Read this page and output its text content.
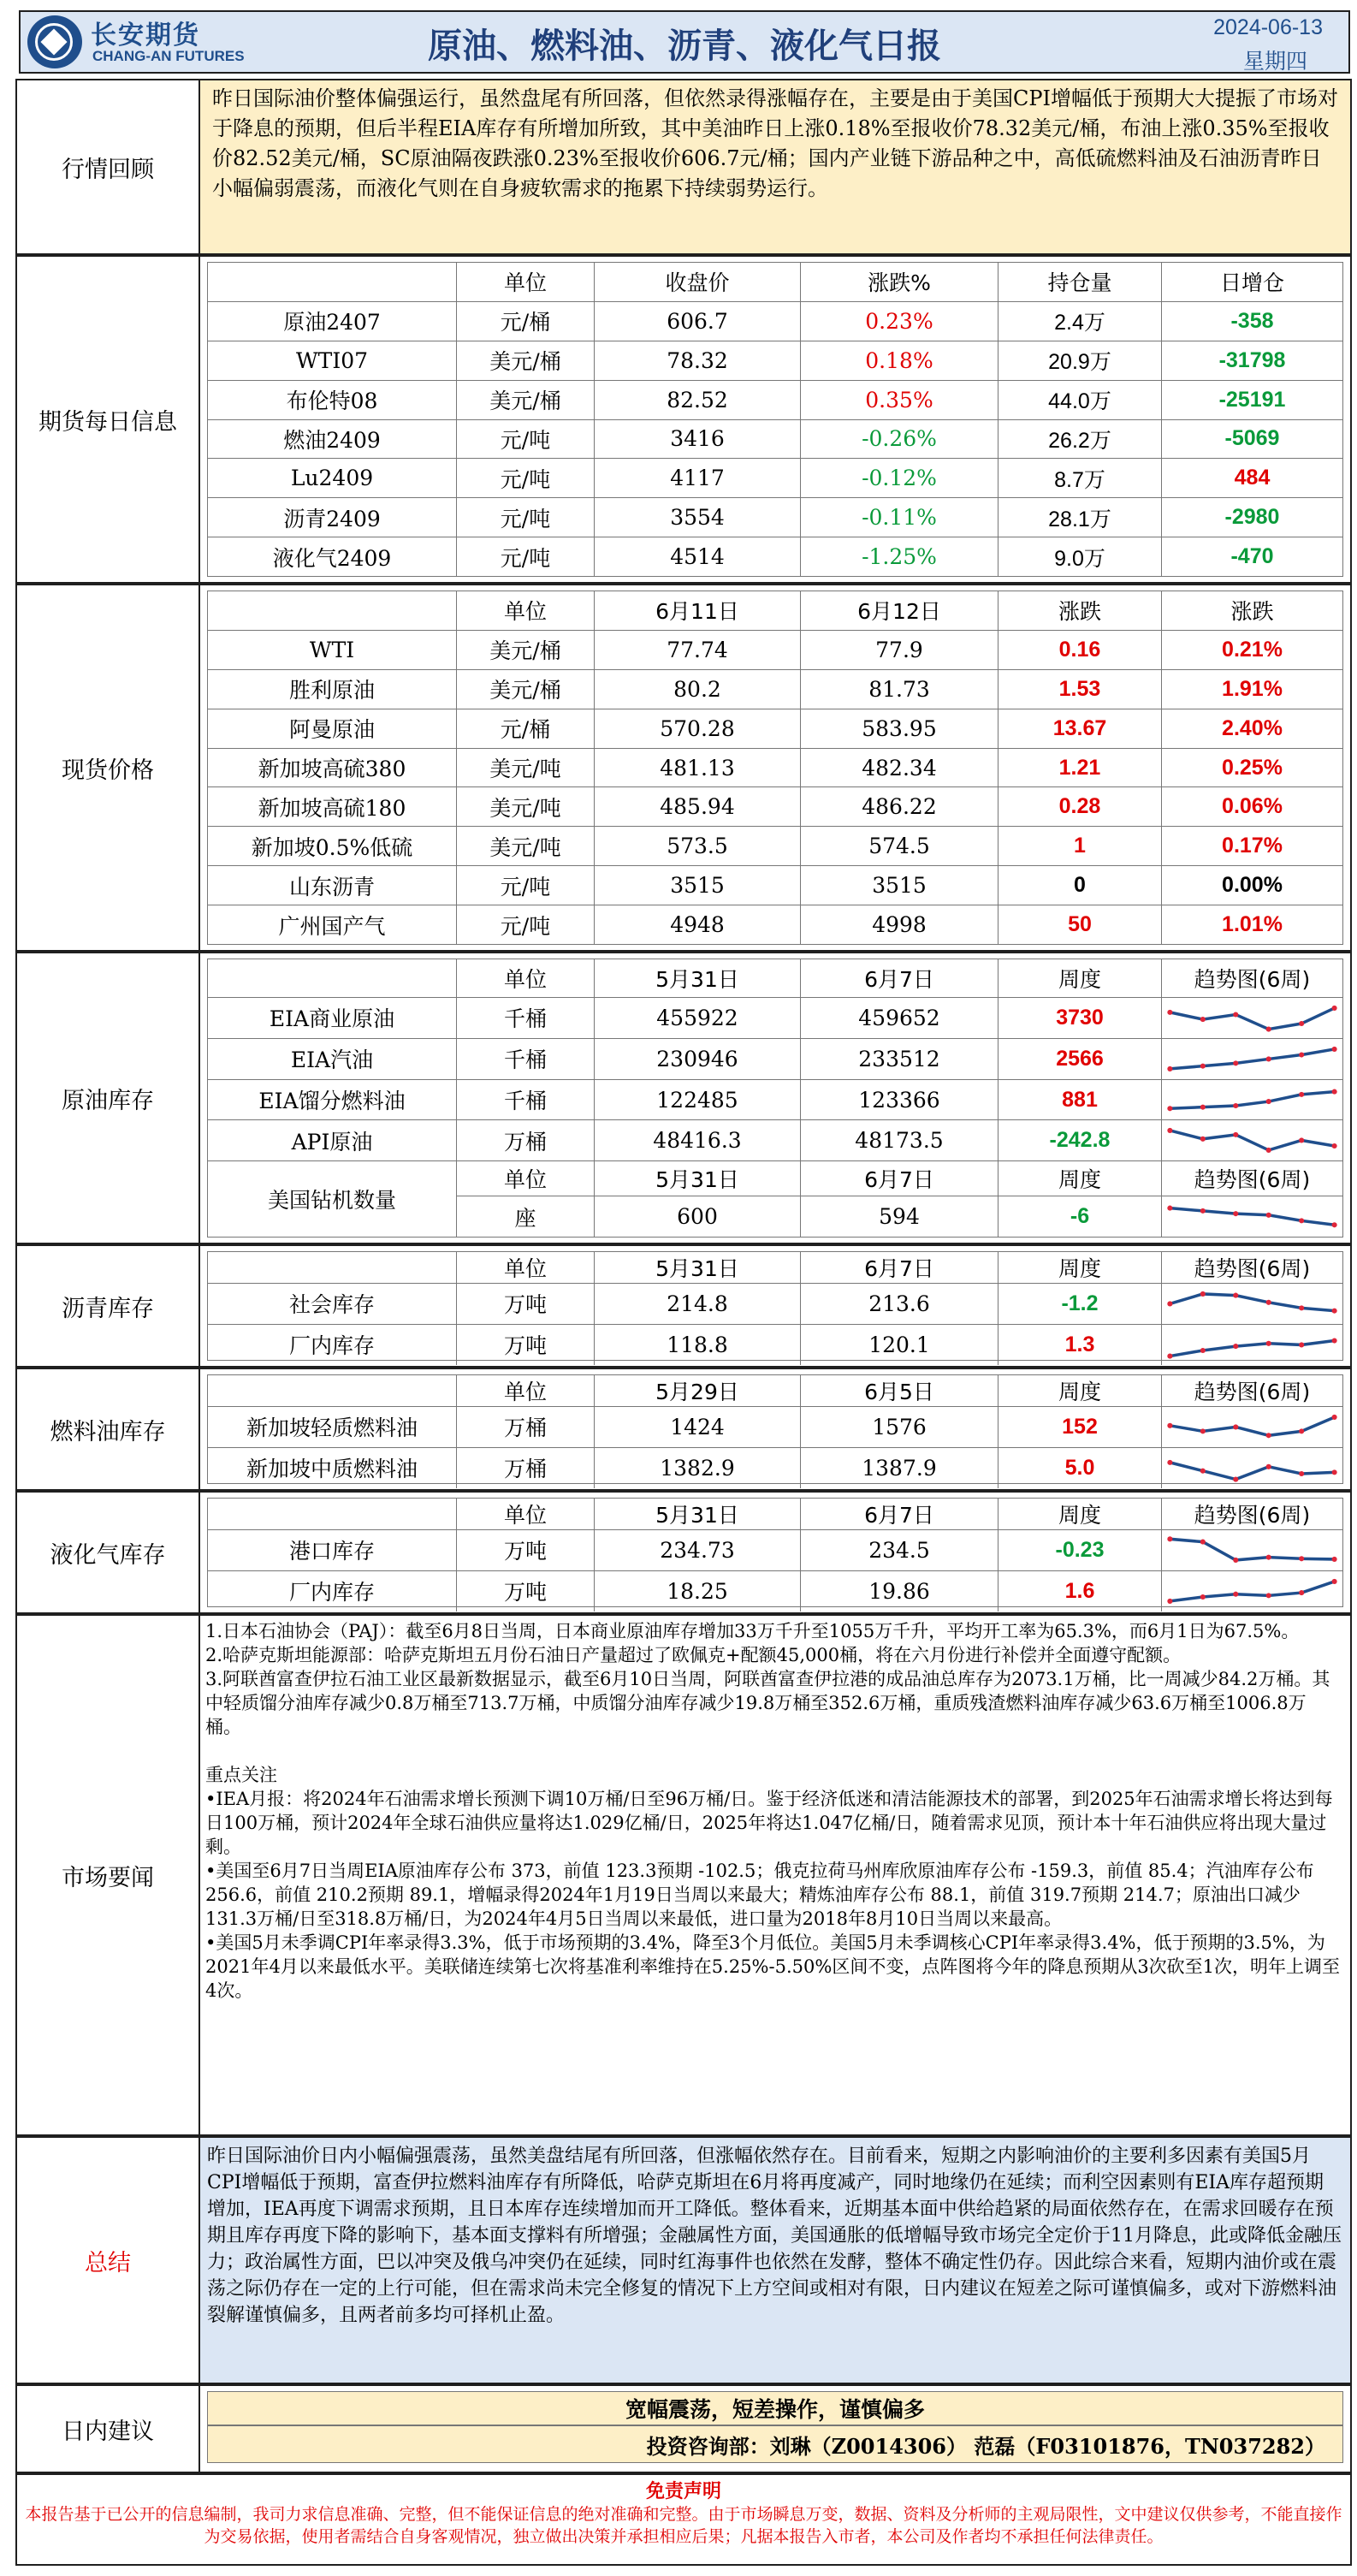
长安期货
CHANG-AN FUTURES	原油、燃料油、沥青、液化气日报	2024-06-13
星期四
行情回顾

昨日国际油价整体偏强运行，虽然盘尾有所回落，但依然录得涨幅存在，主要是由于美国CPI增幅低于预期大大提振了市场对于降息的预期，但后半程EIA库存有所增加所致，其中美油昨日上涨0.18%至报收价78.32美元/桶，布油上涨0.35%至报收价82.52美元/桶，SC原油隔夜跌涨0.23%至报收价606.7元/桶；国内产业链下游品种之中，高低硫燃料油及石油沥青昨日小幅偏弱震荡，而液化气则在自身疲软需求的拖累下持续弱势运行。

期货每日信息
单位	收盘价	涨跌%	持仓量	日增仓
原油2407	元/桶	606.7	0.23%	2.4万	-358
WTI07	美元/桶	78.32	0.18%	20.9万	-31798
布伦特08	美元/桶	82.52	0.35%	44.0万	-25191
燃油2409	元/吨	3416	-0.26%	26.2万	-5069
Lu2409	元/吨	4117	-0.12%	8.7万	484
沥青2409	元/吨	3554	-0.11%	28.1万	-2980
液化气2409	元/吨	4514	-1.25%	9.0万	-470
现货价格
单位	6月11日	6月12日	涨跌	涨跌
WTI	美元/桶	77.74	77.9	0.16	0.21%
胜利原油	美元/桶	80.2	81.73	1.53	1.91%
阿曼原油	元/桶	570.28	583.95	13.67	2.40%
新加坡高硫380	美元/吨	481.13	482.34	1.21	0.25%
新加坡高硫180	美元/吨	485.94	486.22	0.28	0.06%
新加坡0.5%低硫	美元/吨	573.5	574.5	1	0.17%
山东沥青	元/吨	3515	3515	0	0.00%
广州国产气	元/吨	4948	4998	50	1.01%
原油库存
单位	5月31日	6月7日	周度	趋势图(6周)
EIA商业原油	千桶	455922	459652	3730
EIA汽油	千桶	230946	233512	2566
EIA馏分燃料油	千桶	122485	123366	881
API原油	万桶	48416.3	48173.5	-242.8
美国钻机数量
单位	5月31日	6月7日	周度	趋势图(6周)
座	600	594	-6
沥青库存
单位	5月31日	6月7日	周度	趋势图(6周)
社会库存	万吨	214.8	213.6	-1.2
厂内库存	万吨	118.8	120.1	1.3
燃料油库存
单位	5月29日	6月5日	周度	趋势图(6周)
新加坡轻质燃料油	万桶	1424	1576	152
新加坡中质燃料油	万桶	1382.9	1387.9	5.0
液化气库存
单位	5月31日	6月7日	周度	趋势图(6周)
港口库存	万吨	234.73	234.5	-0.23
厂内库存	万吨	18.25	19.86	1.6
市场要闻

1.日本石油协会（PAJ）：截至6月8日当周，日本商业原油库存增加33万千升至1055万千升，平均开工率为65.3%，而6月1日为67.5%。

2.哈萨克斯坦能源部：哈萨克斯坦五月份石油日产量超过了欧佩克+配额45,000桶，将在六月份进行补偿并全面遵守配额。

3.阿联酋富查伊拉石油工业区最新数据显示，截至6月10日当周，阿联酋富查伊拉港的成品油总库存为2073.1万桶，比一周减少84.2万桶。其中轻质馏分油库存减少0.8万桶至713.7万桶，中质馏分油库存减少19.8万桶至352.6万桶，重质残渣燃料油库存减少63.6万桶至1006.8万桶。

重点关注

•IEA月报：将2024年石油需求增长预测下调10万桶/日至96万桶/日。鉴于经济低迷和清洁能源技术的部署，到2025年石油需求增长将达到每日100万桶，预计2024年全球石油供应量将达1.029亿桶/日，2025年将达1.047亿桶/日，随着需求见顶，预计本十年石油供应将出现大量过剩。

•美国至6月7日当周EIA原油库存公布 373，前值 123.3预期 -102.5；俄克拉荷马州库欣原油库存公布 -159.3，前值 85.4；汽油库存公布 256.6，前值 210.2预期 89.1，增幅录得2024年1月19日当周以来最大；精炼油库存公布 88.1，前值 319.7预期 214.7；原油出口减少131.3万桶/日至318.8万桶/日，为2024年4月5日当周以来最低，进口量为2018年8月10日当周以来最高。

•美国5月未季调CPI年率录得3.3%，低于市场预期的3.4%，降至3个月低位。美国5月未季调核心CPI年率录得3.4%，低于预期的3.5%，为2021年4月以来最低水平。美联储连续第七次将基准利率维持在5.25%-5.50%区间不变，点阵图将今年的降息预期从3次砍至1次，明年上调至4次。

总结

昨日国际油价日内小幅偏强震荡，虽然美盘结尾有所回落，但涨幅依然存在。目前看来，短期之内影响油价的主要利多因素有美国5月CPI增幅低于预期，富查伊拉燃料油库存有所降低，哈萨克斯坦在6月将再度减产，同时地缘仍在延续；而利空因素则有EIA库存超预期增加，IEA再度下调需求预期，且日本库存连续增加而开工降低。整体看来，近期基本面中供给趋紧的局面依然存在，在需求回暖存在预期且库存再度下降的影响下，基本面支撑料有所增强；金融属性方面，美国通胀的低增幅导致市场完全定价于11月降息，此或降低金融压力；政治属性方面，巴以冲突及俄乌冲突仍在延续，同时红海事件也依然在发酵，整体不确定性仍存。因此综合来看，短期内油价或在震荡之际仍存在一定的上行可能，但在需求尚未完全修复的情况下上方空间或相对有限，日内建议在短差之际可谨慎偏多，或对下游燃料油裂解谨慎偏多，且两者前多均可择机止盈。

日内建议
宽幅震荡，短差操作，谨慎偏多
投资咨询部：刘琳（Z0014306） 范磊（F03101876，TN037282）
免责声明
本报告基于已公开的信息编制，我司力求信息准确、完整，但不能保证信息的绝对准确和完整。由于市场瞬息万变，数据、资料及分析师的主观局限性，文中建议仅供参考，不能直接作为交易依据，使用者需结合自身客观情况，独立做出决策并承担相应后果；凡据本报告入市者，本公司及作者均不承担任何法律责任。
